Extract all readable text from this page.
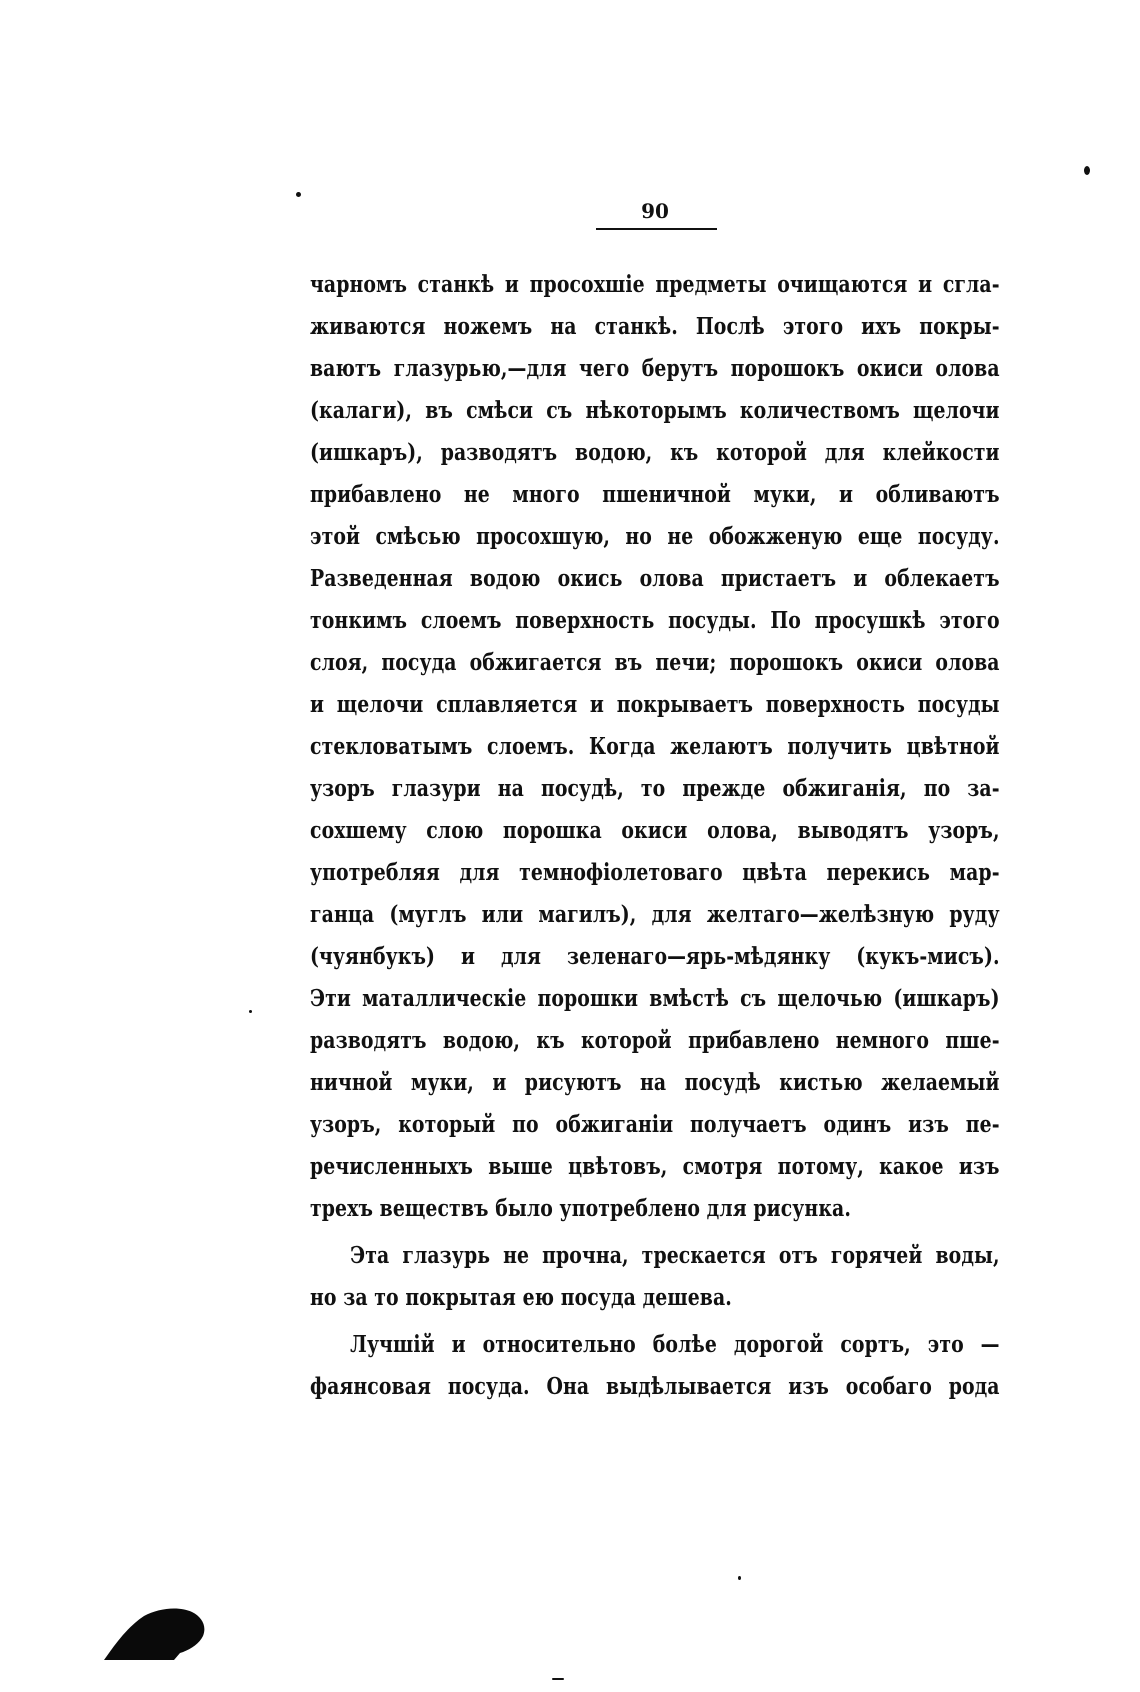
90
чарномъ станкѣ и просохшіе предметы очищаются и сгла-
живаются ножемъ на станкѣ. Послѣ этого ихъ покры-
ваютъ глазурью,—для чего берутъ порошокъ окиси олова
(калаги), въ смѣси съ нѣкоторымъ количествомъ щелочи
(ишкаръ), разводятъ водою, къ которой для клейкости
прибавлено не много пшеничной муки, и обливаютъ
этой смѣсью просохшую, но не обожженую еще посуду.
Разведенная водою окись олова пристаетъ и облекаетъ
тонкимъ слоемъ поверхность посуды. По просушкѣ этого
слоя, посуда обжигается въ печи; порошокъ окиси олова
и щелочи сплавляется и покрываетъ поверхность посуды
стекловатымъ слоемъ. Когда желаютъ получить цвѣтной
узоръ глазури на посудѣ, то прежде обжиганія, по за-
сохшему слою порошка окиси олова, выводятъ узоръ,
употребляя для темнофіолетоваго цвѣта перекись мар-
ганца (муглъ или магилъ), для желтаго—желѣзную руду
(чуянбукъ) и для зеленаго—ярь-мѣдянку (кукъ-мисъ).
Эти маталлическіе порошки вмѣстѣ съ щелочью (ишкаръ)
разводятъ водою, къ которой прибавлено немного пше-
ничной муки, и рисуютъ на посудѣ кистью желаемый
узоръ, который по обжиганіи получаетъ одинъ изъ пе-
речисленныхъ выше цвѣтовъ, смотря потому, какое изъ
трехъ веществъ было употреблено для рисунка.
Эта глазурь не прочна, трескается отъ горячей воды,
но за то покрытая ею посуда дешева.
Лучшій и относительно болѣе дорогой сортъ, это —
фаянсовая посуда. Она выдѣлывается изъ особаго рода
